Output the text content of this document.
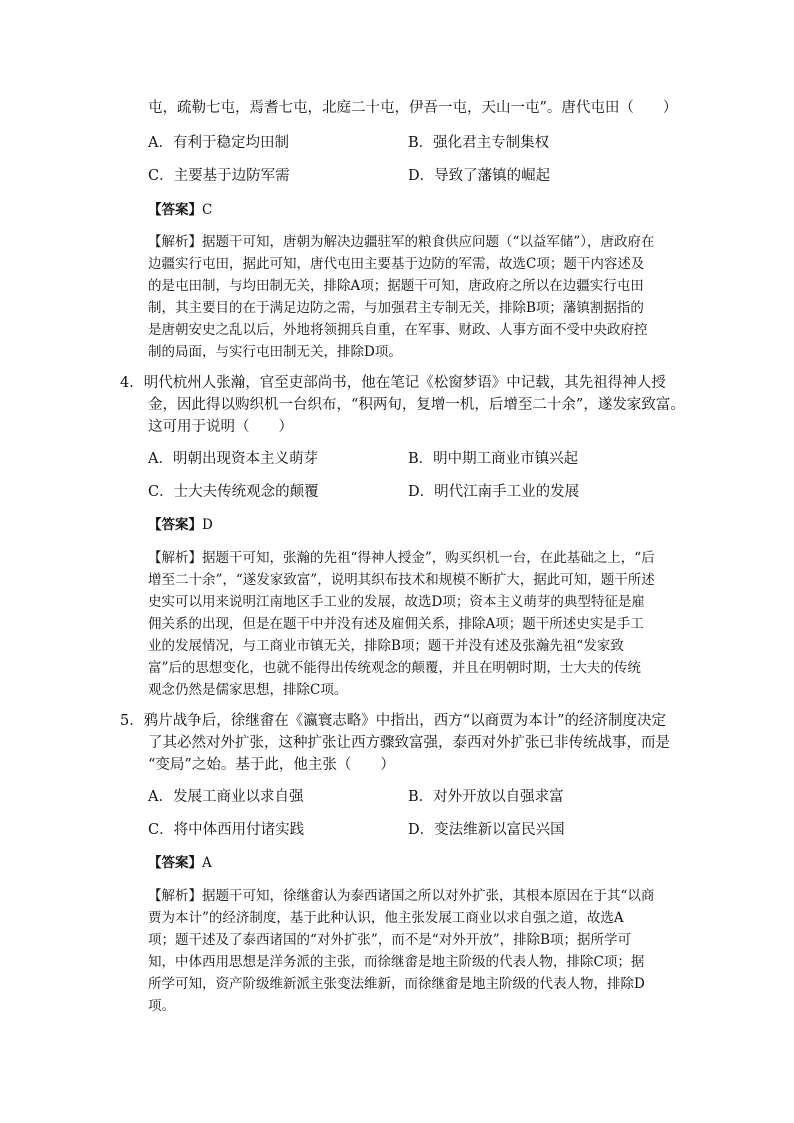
屯，疏勒七屯，焉耆七屯，北庭二十屯，伊吾一屯，天山一屯”。唐代屯田（　　）
A．有利于稳定均田制	B．强化君主专制集权
C．主要基于边防军需	D．导致了藩镇的崛起
【答案】C
【解析】据题干可知，唐朝为解决边疆驻军的粮食供应问题（“以益军储”），唐政府在
边疆实行屯田，据此可知，唐代屯田主要基于边防的军需，故选C项；题干内容述及
的是屯田制，与均田制无关，排除A项；据题干可知，唐政府之所以在边疆实行屯田
制，其主要目的在于满足边防之需，与加强君主专制无关，排除B项；藩镇割据指的
是唐朝安史之乱以后，外地将领拥兵自重，在军事、财政、人事方面不受中央政府控
制的局面，与实行屯田制无关，排除D项。
4．明代杭州人张瀚，官至吏部尚书，他在笔记《松窗梦语》中记载，其先祖得神人授
金，因此得以购织机一台织布，“积两旬，复增一机，后增至二十余”，遂发家致富。
这可用于说明（　　）
A．明朝出现资本主义萌芽	B．明中期工商业市镇兴起
C．士大夫传统观念的颠覆	D．明代江南手工业的发展
【答案】D
【解析】据题干可知，张瀚的先祖“得神人授金”，购买织机一台，在此基础之上，“后
增至二十余”，“遂发家致富”，说明其织布技术和规模不断扩大，据此可知，题干所述
史实可以用来说明江南地区手工业的发展，故选D项；资本主义萌芽的典型特征是雇
佣关系的出现，但是在题干中并没有述及雇佣关系，排除A项；题干所述史实是手工
业的发展情况，与工商业市镇无关，排除B项；题干并没有述及张瀚先祖“发家致
富”后的思想变化，也就不能得出传统观念的颠覆，并且在明朝时期，士大夫的传统
观念仍然是儒家思想，排除C项。
5．鸦片战争后，徐继畬在《瀛寰志略》中指出，西方“以商贾为本计”的经济制度决定
了其必然对外扩张，这种扩张让西方骤致富强，泰西对外扩张已非传统战事，而是
“变局”之始。基于此，他主张（　　）
A．发展工商业以求自强	B．对外开放以自强求富
C．将中体西用付诸实践	D．变法维新以富民兴国
【答案】A
【解析】据题干可知，徐继畬认为泰西诸国之所以对外扩张，其根本原因在于其“以商
贾为本计”的经济制度，基于此种认识，他主张发展工商业以求自强之道，故选A
项；题干述及了泰西诸国的“对外扩张”，而不是“对外开放”，排除B项；据所学可
知，中体西用思想是洋务派的主张，而徐继畬是地主阶级的代表人物，排除C项；据
所学可知，资产阶级维新派主张变法维新，而徐继畬是地主阶级的代表人物，排除D
项。
